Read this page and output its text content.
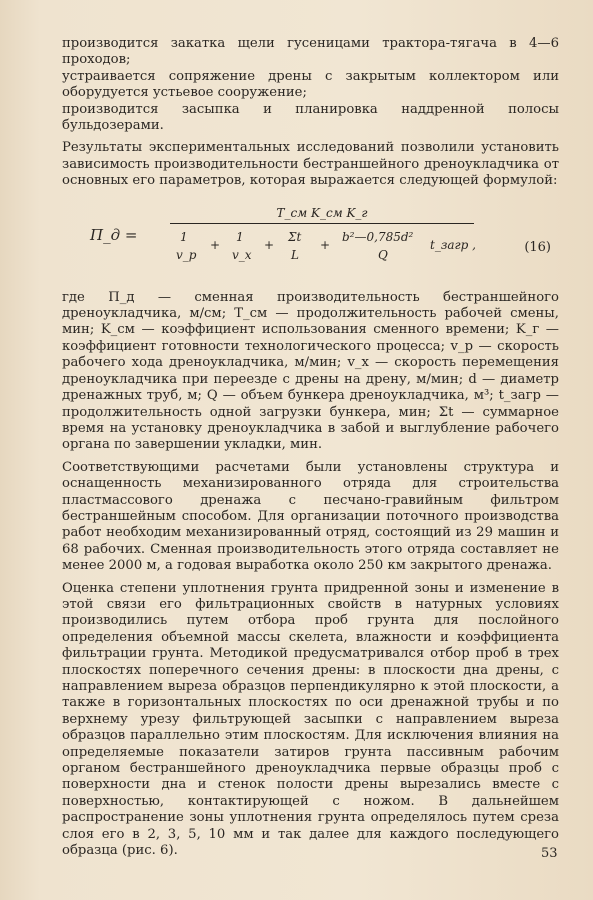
производится закатка щели гусеницами трактора-тягача в 4—6 проходов;

устраивается сопряжение дрены с закрытым коллектором или оборудуется устьевое сооружение;

производится засыпка и планировка наддренной полосы бульдозерами.

Результаты экспериментальных исследований позволили установить зависимость производительности бестраншейного дреноукладчика от основных его параметров, которая выражается следующей формулой:

П_д =
T_см K_см K_г
1
v_р
+
1
v_x
+
Σt
L
+
b²—0,785d²
Q
t_загр ,	(16)

где П_д — сменная производительность бестраншейного дреноукладчика, м/см; T_см — продолжительность рабочей смены, мин; K_см — коэффициент использования сменного времени; K_г — коэффициент готовности технологического процесса; v_р — скорость рабочего хода дреноукладчика, м/мин; v_x — скорость перемещения дреноукладчика при переезде с дрены на дрену, м/мин; d — диаметр дренажных труб, м; Q — объем бункера дреноукладчика, м³; t_загр — продолжительность одной загрузки бункера, мин; Σt — суммарное время на установку дреноукладчика в забой и выглубление рабочего органа по завершении укладки, мин.

Соответствующими расчетами были установлены структура и оснащенность механизированного отряда для строительства пластмассового дренажа с песчано-гравийным фильтром бестраншейным способом. Для организации поточного производства работ необходим механизированный отряд, состоящий из 29 машин и 68 рабочих. Сменная производительность этого отряда составляет не менее 2000 м, а годовая выработка около 250 км закрытого дренажа.

Оценка степени уплотнения грунта придренной зоны и изменение в этой связи его фильтрационных свойств в натурных условиях производились путем отбора проб грунта для послойного определения объемной массы скелета, влажности и коэффициента фильтрации грунта. Методикой предусматривался отбор проб в трех плоскостях поперечного сечения дрены: в плоскости дна дрены, с направлением выреза образцов перпендикулярно к этой плоскости, а также в горизонтальных плоскостях по оси дренажной трубы и по верхнему урезу фильтрующей засыпки с направлением выреза образцов параллельно этим плоскостям. Для исключения влияния на определяемые показатели затиров грунта пассивным рабочим органом бестраншейного дреноукладчика первые образцы проб с поверхности дна и стенок полости дрены вырезались вместе с поверхностью, контактирующей с ножом. В дальнейшем распространение зоны уплотнения грунта определялось путем среза слоя его в 2, 3, 5, 10 мм и так далее для каждого последующего образца (рис. 6).	53
